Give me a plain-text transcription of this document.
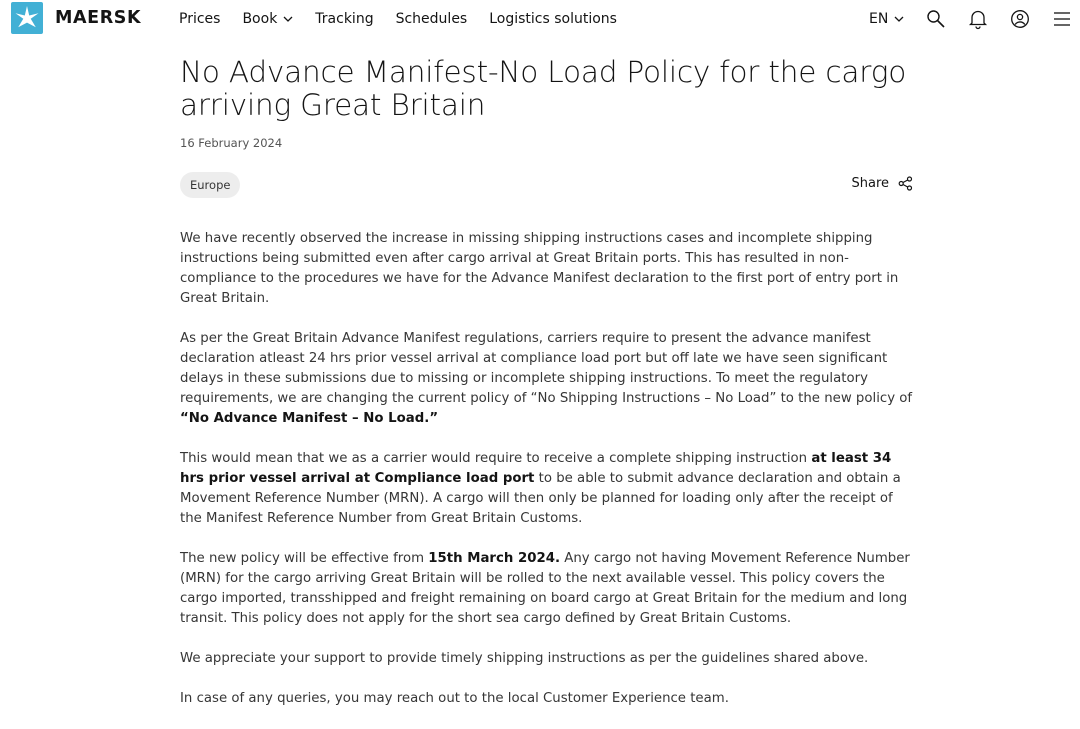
MAERSK	Prices Book	Tracking Schedules Logistics solutions	EN
No Advance Manifest-No Load Policy for the cargo arriving Great Britain
16 February 2024
Europe	Share

We have recently observed the increase in missing shipping instructions cases and incomplete shipping instructions being submitted even after cargo arrival at Great Britain ports. This has resulted in non-compliance to the procedures we have for the Advance Manifest declaration to the first port of entry port in Great Britain.

As per the Great Britain Advance Manifest regulations, carriers require to present the advance manifest declaration atleast 24 hrs prior vessel arrival at compliance load port but off late we have seen significant delays in these submissions due to missing or incomplete shipping instructions. To meet the regulatory requirements, we are changing the current policy of “No Shipping Instructions – No Load” to the new policy of “No Advance Manifest – No Load.”

This would mean that we as a carrier would require to receive a complete shipping instruction at least 34 hrs prior vessel arrival at Compliance load port to be able to submit advance declaration and obtain a Movement Reference Number (MRN). A cargo will then only be planned for loading only after the receipt of the Manifest Reference Number from Great Britain Customs.

The new policy will be effective from 15th March 2024. Any cargo not having Movement Reference Number (MRN) for the cargo arriving Great Britain will be rolled to the next available vessel. This policy covers the cargo imported, transshipped and freight remaining on board cargo at Great Britain for the medium and long transit. This policy does not apply for the short sea cargo defined by Great Britain Customs.

We appreciate your support to provide timely shipping instructions as per the guidelines shared above.

In case of any queries, you may reach out to the local Customer Experience team.
